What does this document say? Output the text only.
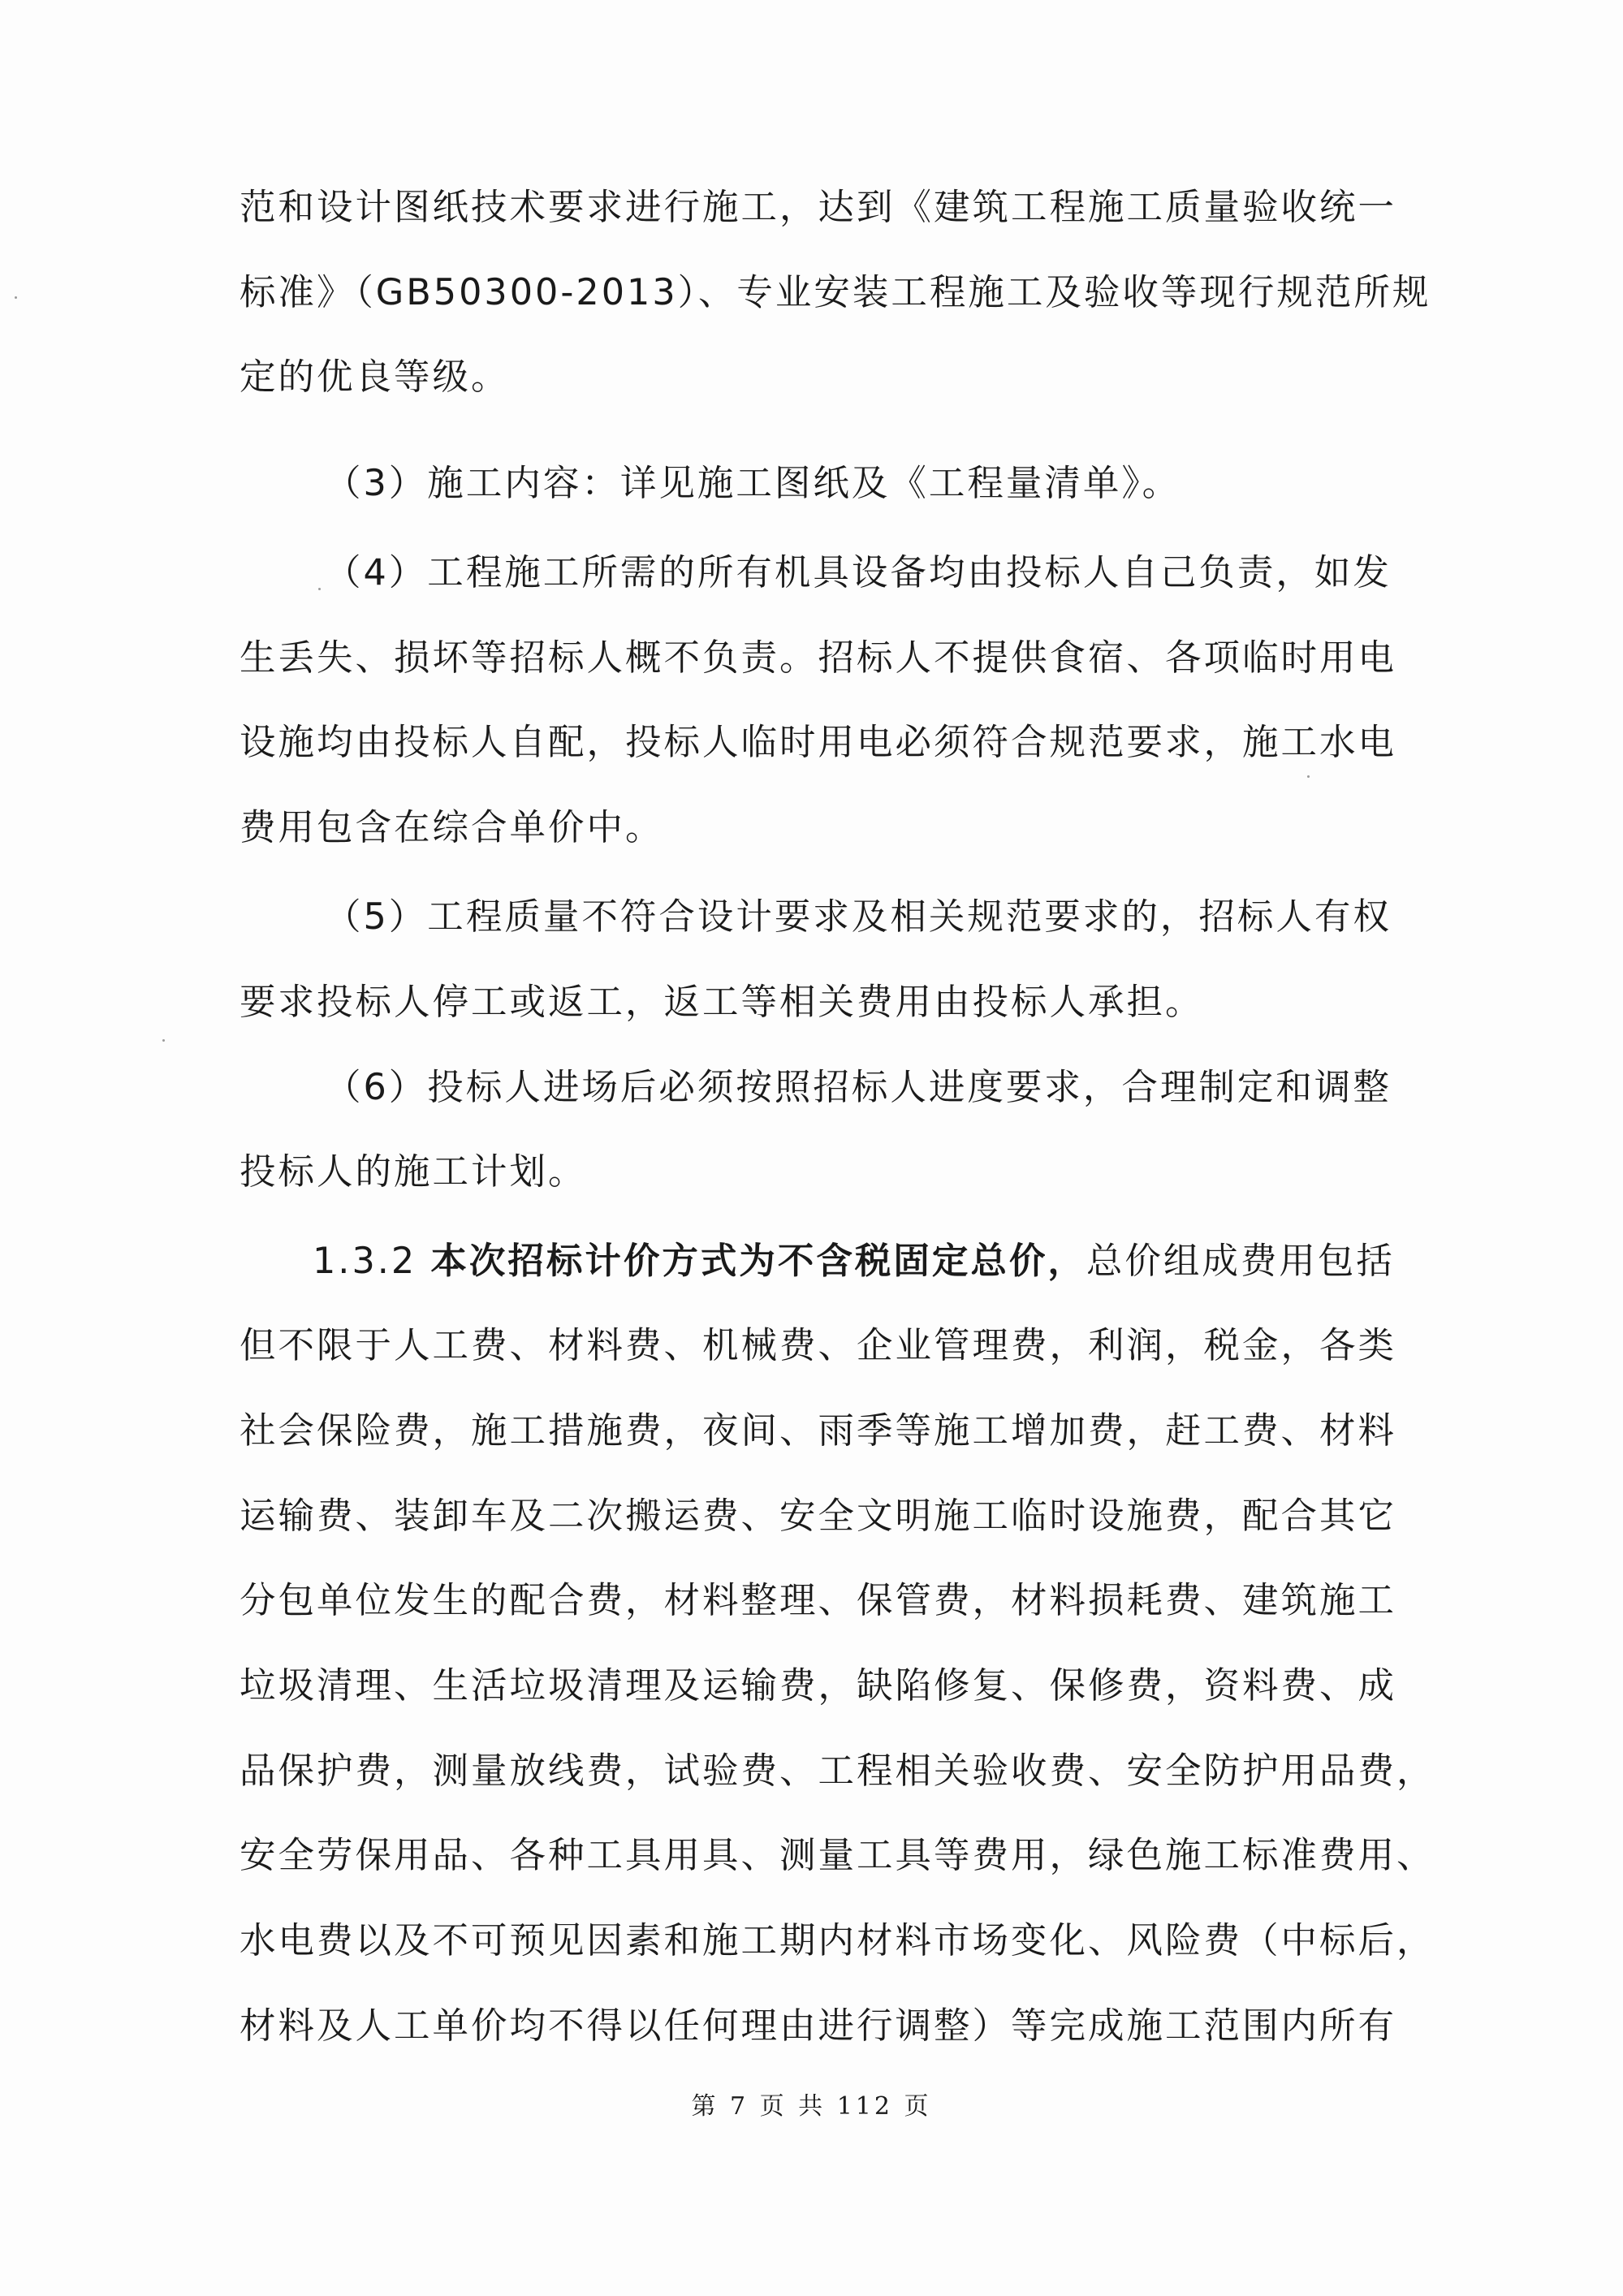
范和设计图纸技术要求进行施工，达到《建筑工程施工质量验收统一
标准》（GB50300-2013）、专业安装工程施工及验收等现行规范所规
定的优良等级。
（3）施工内容：详见施工图纸及《工程量清单》。
（4）工程施工所需的所有机具设备均由投标人自己负责，如发
生丢失、损坏等招标人概不负责。招标人不提供食宿、各项临时用电
设施均由投标人自配，投标人临时用电必须符合规范要求，施工水电
费用包含在综合单价中。
（5）工程质量不符合设计要求及相关规范要求的，招标人有权
要求投标人停工或返工，返工等相关费用由投标人承担。
（6）投标人进场后必须按照招标人进度要求，合理制定和调整
投标人的施工计划。
1.3.2 本次招标计价方式为不含税固定总价，总价组成费用包括
但不限于人工费、材料费、机械费、企业管理费，利润，税金，各类
社会保险费，施工措施费，夜间、雨季等施工增加费，赶工费、材料
运输费、装卸车及二次搬运费、安全文明施工临时设施费，配合其它
分包单位发生的配合费，材料整理、保管费，材料损耗费、建筑施工
垃圾清理、生活垃圾清理及运输费，缺陷修复、保修费，资料费、成
品保护费，测量放线费，试验费、工程相关验收费、安全防护用品费，
安全劳保用品、各种工具用具、测量工具等费用，绿色施工标准费用、
水电费以及不可预见因素和施工期内材料市场变化、风险费（中标后，
材料及人工单价均不得以任何理由进行调整）等完成施工范围内所有
第 7 页 共 112 页
